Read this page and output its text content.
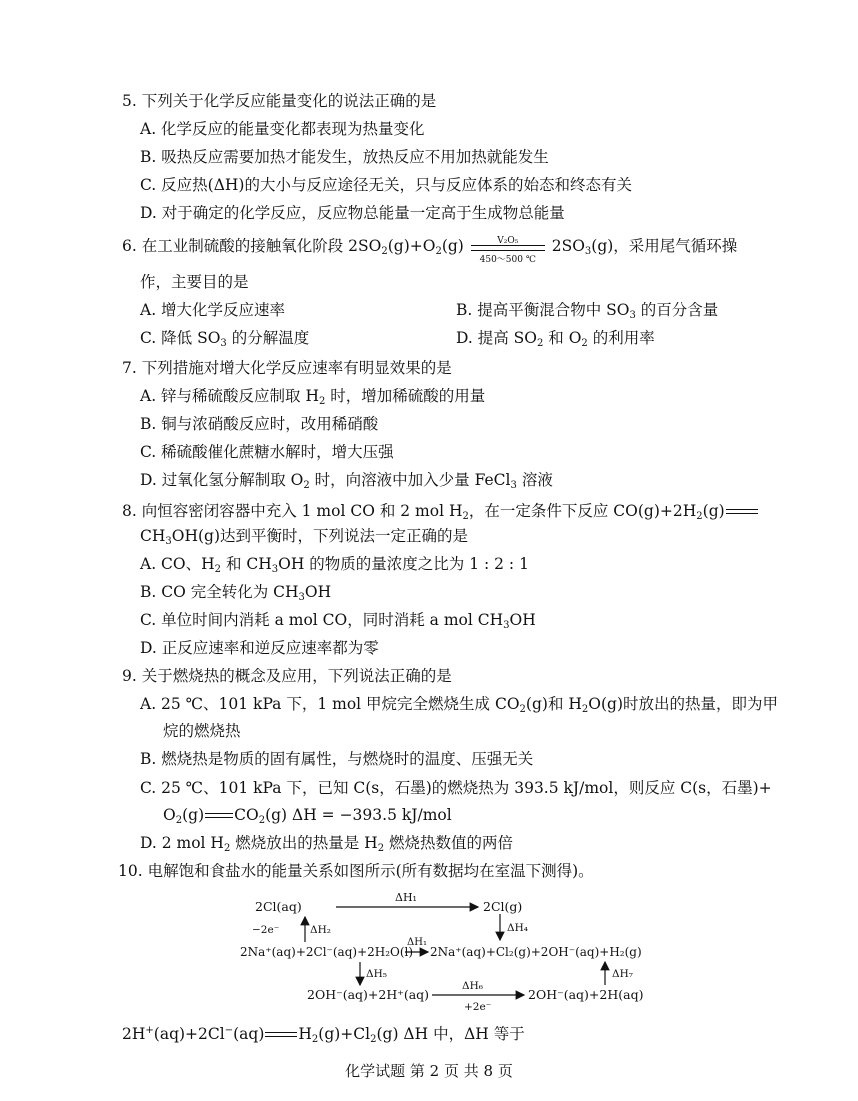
5. 下列关于化学反应能量变化的说法正确的是
A. 化学反应的能量变化都表现为热量变化
B. 吸热反应需要加热才能发生，放热反应不用加热就能发生
C. 反应热(ΔH)的大小与反应途径无关，只与反应体系的始态和终态有关
D. 对于确定的化学反应，反应物总能量一定高于生成物总能量
6. 在工业制硫酸的接触氧化阶段 $2SO_2(g)+O_2(g)$	V₂O₅
450～500 ℃
$2SO_3(g)$，采用尾气循环操
作，主要目的是
A. 增大化学反应速率	B. 提高平衡混合物中 $SO_3$ 的百分含量
C. 降低 $SO_3$ 的分解温度	D. 提高 $SO_2$ 和 $O_2$ 的利用率
7. 下列措施对增大化学反应速率有明显效果的是
A. 锌与稀硫酸反应制取 $H_2$ 时，增加稀硫酸的用量
B. 铜与浓硝酸反应时，改用稀硝酸
C. 稀硫酸催化蔗糖水解时，增大压强
D. 过氧化氢分解制取 $O_2$ 时，向溶液中加入少量 FeCl$_3$ 溶液
8. 向恒容密闭容器中充入 1 mol CO 和 2 mol $H_2$，在一定条件下反应 $CO(g)+2H_2(g)$
$CH_3OH(g)$达到平衡时，下列说法一定正确的是
A. CO、$H_2$ 和 $CH_3OH$ 的物质的量浓度之比为 1 : 2 : 1
B. CO 完全转化为 $CH_3OH$
C. 单位时间内消耗 a mol CO，同时消耗 a mol $CH_3OH$
D. 正反应速率和逆反应速率都为零
9. 关于燃烧热的概念及应用，下列说法正确的是
A. 25 ℃、101 kPa 下，1 mol 甲烷完全燃烧生成 $CO_2(g)$和 $H_2O(g)$时放出的热量，即为甲
烷的燃烧热
B. 燃烧热是物质的固有属性，与燃烧时的温度、压强无关
C. 25 ℃、101 kPa 下，已知 C(s，石墨)的燃烧热为 393.5 kJ/mol，则反应 C(s，石墨)+
$O_2(g)$ $CO_2(g) \Delta H = -393.5$ kJ/mol
D. 2 mol $H_2$ 燃烧放出的热量是 $H_2$ 燃烧热数值的两倍
10. 电解饱和食盐水的能量关系如图所示(所有数据均在室温下测得)。
2Cl(aq)
ΔH₁
2Cl(g)
−2e⁻	ΔH₂	ΔH₄
2Na⁺(aq)+2Cl⁻(aq)+2H₂O(l)
ΔH₁
2Na⁺(aq)+Cl₂(g)+2OH⁻(aq)+H₂(g)
ΔH₅	ΔH₇
2OH⁻(aq)+2H⁺(aq)
ΔH₆
+2e⁻
2OH⁻(aq)+2H(aq)
2H+(aq)+2Cl−(aq) $H_2(g)+Cl_2(g)$ ΔH 中，ΔH 等于
化学试题 第 2 页 共 8 页
